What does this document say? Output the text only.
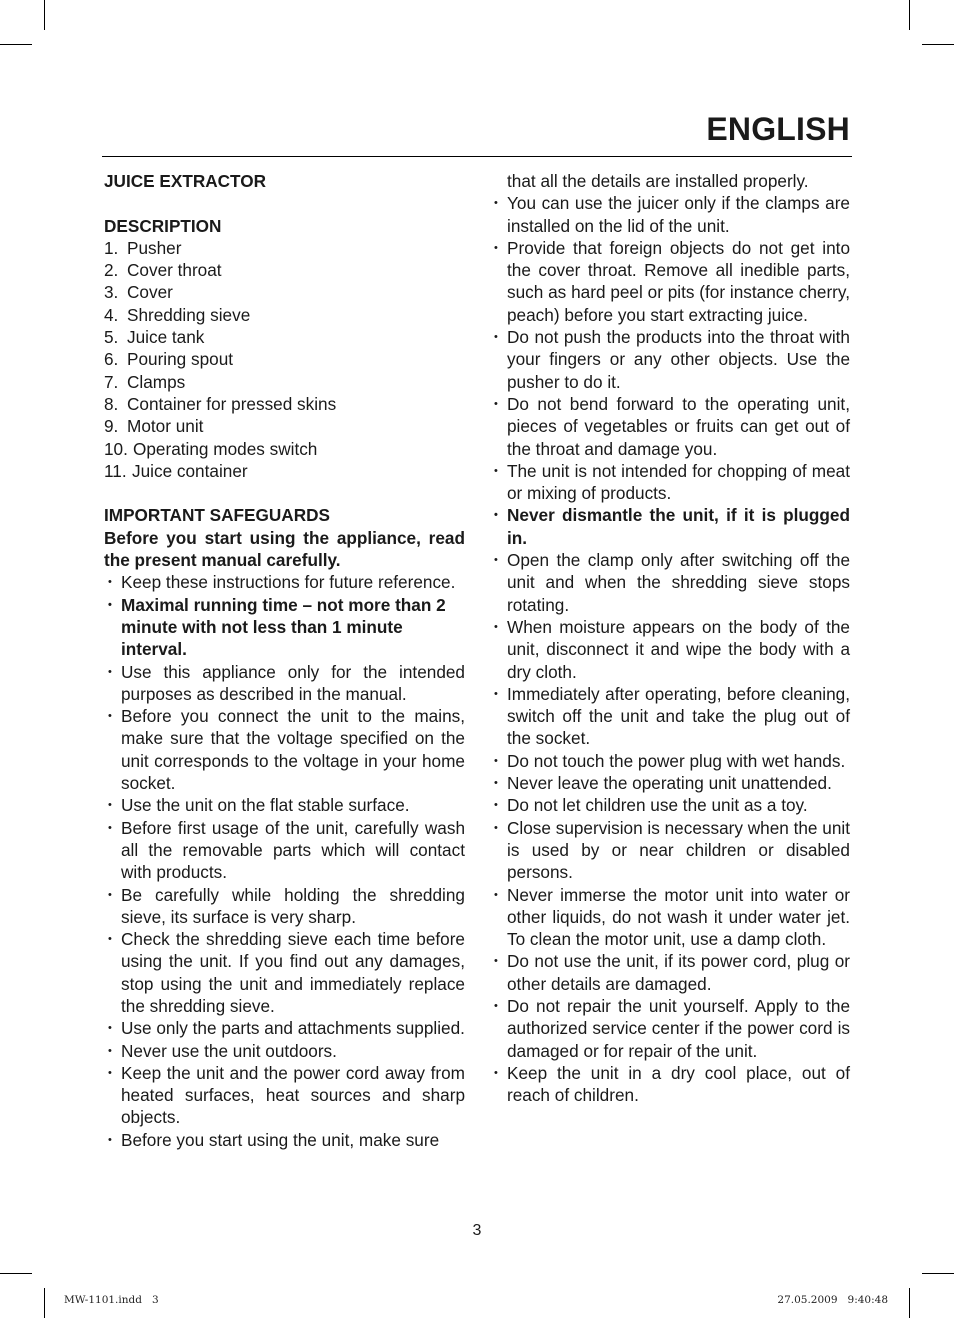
ENGLISH
JUICE EXTRACTOR
DESCRIPTION
1. Pusher
2. Cover throat
3. Cover
4. Shredding sieve
5. Juice tank
6. Pouring spout
7. Clamps
8. Container for pressed skins
9. Motor unit
10. Operating modes switch
11. Juice container
IMPORTANT SAFEGUARDS
Before you start using the appliance, read the present manual carefully.
• Keep these instructions for future reference.
• Maximal running time – not more than 2 minute with not less than 1 minute interval.
• Use this appliance only for the intended purposes as described in the manual.
• Before you connect the unit to the mains, make sure that the voltage specified on the unit corresponds to the voltage in your home socket.
• Use the unit on the flat stable surface.
• Before first usage of the unit, carefully wash all the removable parts which will contact with products.
• Be carefully while holding the shredding sieve, its surface is very sharp.
• Check the shredding sieve each time before using the unit. If you find out any damages, stop using the unit and immediately replace the shredding sieve.
• Use only the parts and attachments supplied.
• Never use the unit outdoors.
• Keep the unit and the power cord away from heated surfaces, heat sources and sharp objects.
• Before you start using the unit, make sure
that all the details are installed properly.
• You can use the juicer only if the clamps are installed on the lid of the unit.
• Provide that foreign objects do not get into the cover throat. Remove all inedible parts, such as hard peel or pits (for instance cherry, peach) before you start extracting juice.
• Do not push the products into the throat with your fingers or any other objects. Use the pusher to do it.
• Do not bend forward to the operating unit, pieces of vegetables or fruits can get out of the throat and damage you.
• The unit is not intended for chopping of meat or mixing of products.
• Never dismantle the unit, if it is plugged in.
• Open the clamp only after switching off the unit and when the shredding sieve stops rotating.
• When moisture appears on the body of the unit, disconnect it and wipe the body with a dry cloth.
• Immediately after operating, before cleaning, switch off the unit and take the plug out of the socket.
• Do not touch the power plug with wet hands.
• Never leave the operating unit unattended.
• Do not let children use the unit as a toy.
• Close supervision is necessary when the unit is used by or near children or disabled persons.
• Never immerse the motor unit into water or other liquids, do not wash it under water jet. To clean the motor unit, use a damp cloth.
• Do not use the unit, if its power cord, plug or other details are damaged.
• Do not repair the unit yourself. Apply to the authorized service center if the power cord is damaged or for repair of the unit.
• Keep the unit in a dry cool place, out of reach of children.
3
MW-1101.indd   3	27.05.2009   9:40:48
